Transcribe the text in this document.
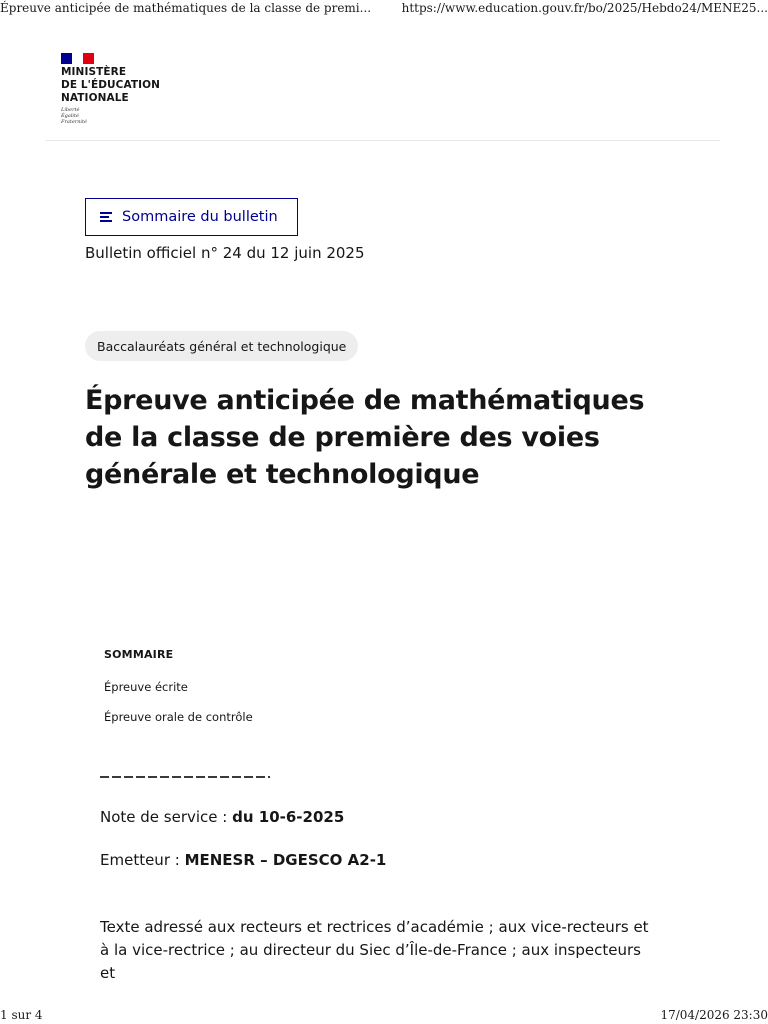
Épreuve anticipée de mathématiques de la classe de premi...	https://www.education.gouv.fr/bo/2025/Hebdo24/MENE25...
MINISTÈRE
DE L'ÉDUCATION
NATIONALE
Liberté
Égalité
Fraternité
Sommaire du bulletin
Bulletin officiel n° 24 du 12 juin 2025
Baccalauréats général et technologique
Épreuve anticipée de mathématiques de la classe de première des voies générale et technologique
SOMMAIRE
Épreuve écrite
Épreuve orale de contrôle
Note de service : du 10-6-2025
Emetteur : MENESR – DGESCO A2-1

Texte adressé aux recteurs et rectrices d’académie ; aux vice-recteurs et à la vice-rectrice ; au directeur du Siec d’Île-de-France ; aux inspecteurs et

1 sur 4	17/04/2026 23:30
